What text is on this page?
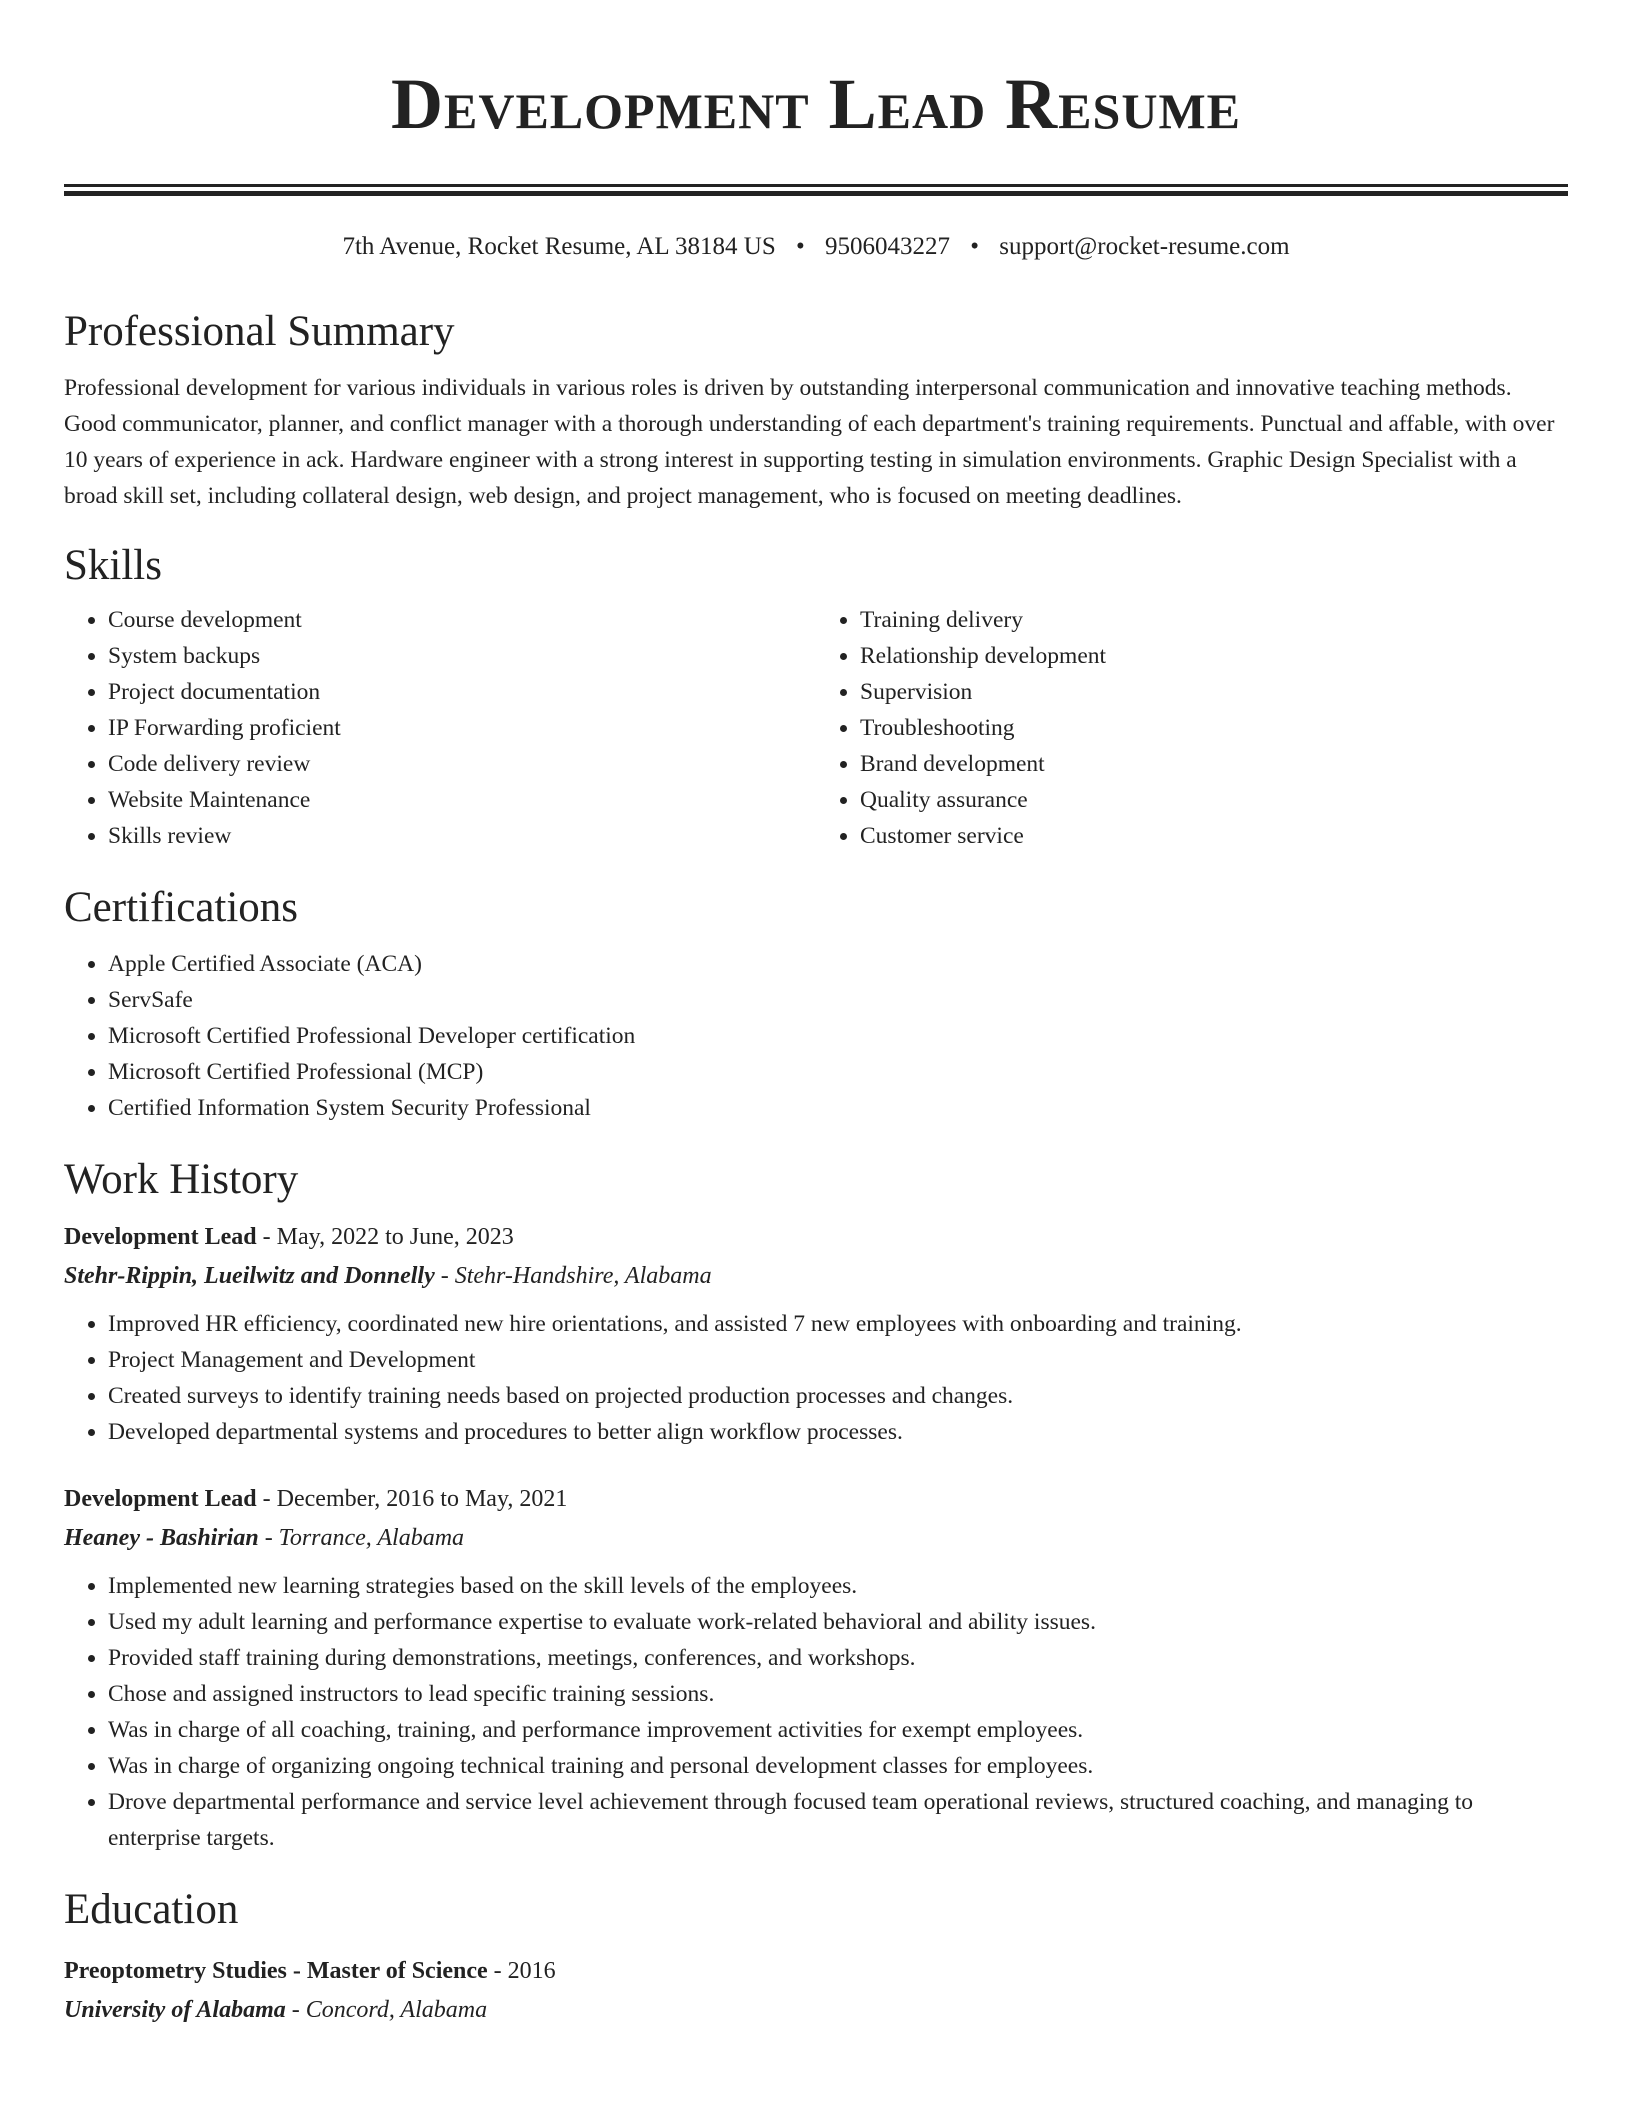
Development Lead Resume
7th Avenue, Rocket Resume, AL 38184 US • 9506043227 • support@rocket-resume.com
Professional Summary
Professional development for various individuals in various roles is driven by outstanding interpersonal communication and innovative teaching methods. Good communicator, planner, and conflict manager with a thorough understanding of each department's training requirements. Punctual and affable, with over 10 years of experience in ack. Hardware engineer with a strong interest in supporting testing in simulation environments. Graphic Design Specialist with a broad skill set, including collateral design, web design, and project management, who is focused on meeting deadlines.
Skills
• Course development
• System backups
• Project documentation
• IP Forwarding proficient
• Code delivery review
• Website Maintenance
• Skills review
• Training delivery
• Relationship development
• Supervision
• Troubleshooting
• Brand development
• Quality assurance
• Customer service
Certifications
• Apple Certified Associate (ACA)
• ServSafe
• Microsoft Certified Professional Developer certification
• Microsoft Certified Professional (MCP)
• Certified Information System Security Professional
Work History
Development Lead - May, 2022 to June, 2023
Stehr-Rippin, Lueilwitz and Donnelly - Stehr-Handshire, Alabama
• Improved HR efficiency, coordinated new hire orientations, and assisted 7 new employees with onboarding and training.
• Project Management and Development
• Created surveys to identify training needs based on projected production processes and changes.
• Developed departmental systems and procedures to better align workflow processes.
Development Lead - December, 2016 to May, 2021
Heaney - Bashirian - Torrance, Alabama
• Implemented new learning strategies based on the skill levels of the employees.
• Used my adult learning and performance expertise to evaluate work-related behavioral and ability issues.
• Provided staff training during demonstrations, meetings, conferences, and workshops.
• Chose and assigned instructors to lead specific training sessions.
• Was in charge of all coaching, training, and performance improvement activities for exempt employees.
• Was in charge of organizing ongoing technical training and personal development classes for employees.
• Drove departmental performance and service level achievement through focused team operational reviews, structured coaching, and managing to enterprise targets.
Education
Preoptometry Studies - Master of Science - 2016
University of Alabama - Concord, Alabama
